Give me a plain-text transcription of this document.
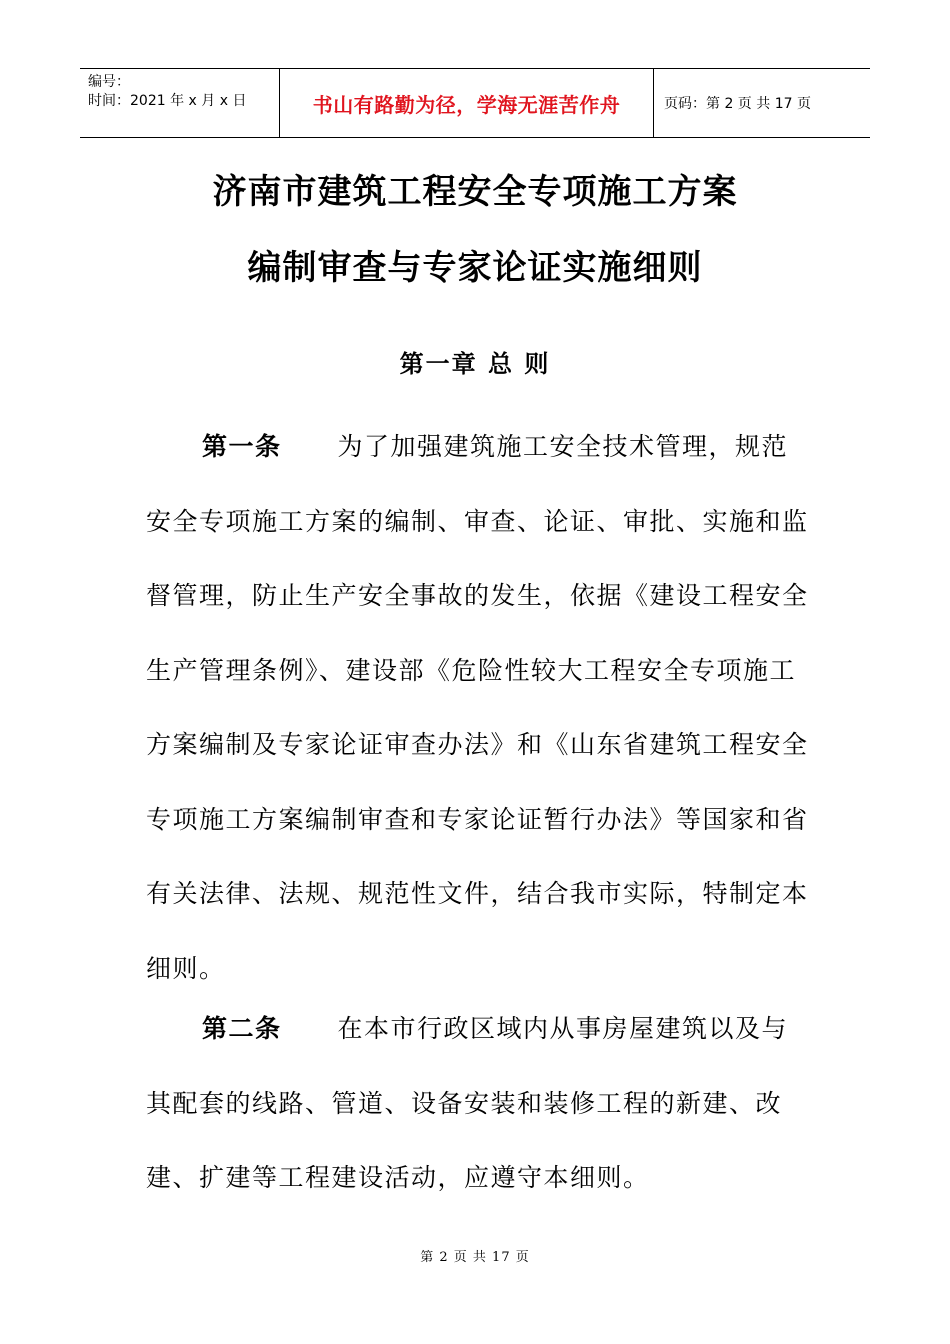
编号：
时间：2021 年 x 月 x 日	书山有路勤为径，学海无涯苦作舟	页码：第 2 页 共 17 页
济南市建筑工程安全专项施工方案
编制审查与专家论证实施细则
第一章 总 则
第一条 为了加强建筑施工安全技术管理，规范安全专项施工方案的编制、审查、论证、审批、实施和监督管理，防止生产安全事故的发生，依据《建设工程安全生产管理条例》、建设部《危险性较大工程安全专项施工方案编制及专家论证审查办法》和《山东省建筑工程安全专项施工方案编制审查和专家论证暂行办法》等国家和省有关法律、法规、规范性文件，结合我市实际，特制定本细则。
第二条 在本市行政区域内从事房屋建筑以及与其配套的线路、管道、设备安装和装修工程的新建、改建、扩建等工程建设活动，应遵守本细则。
第 2 页 共 17 页
